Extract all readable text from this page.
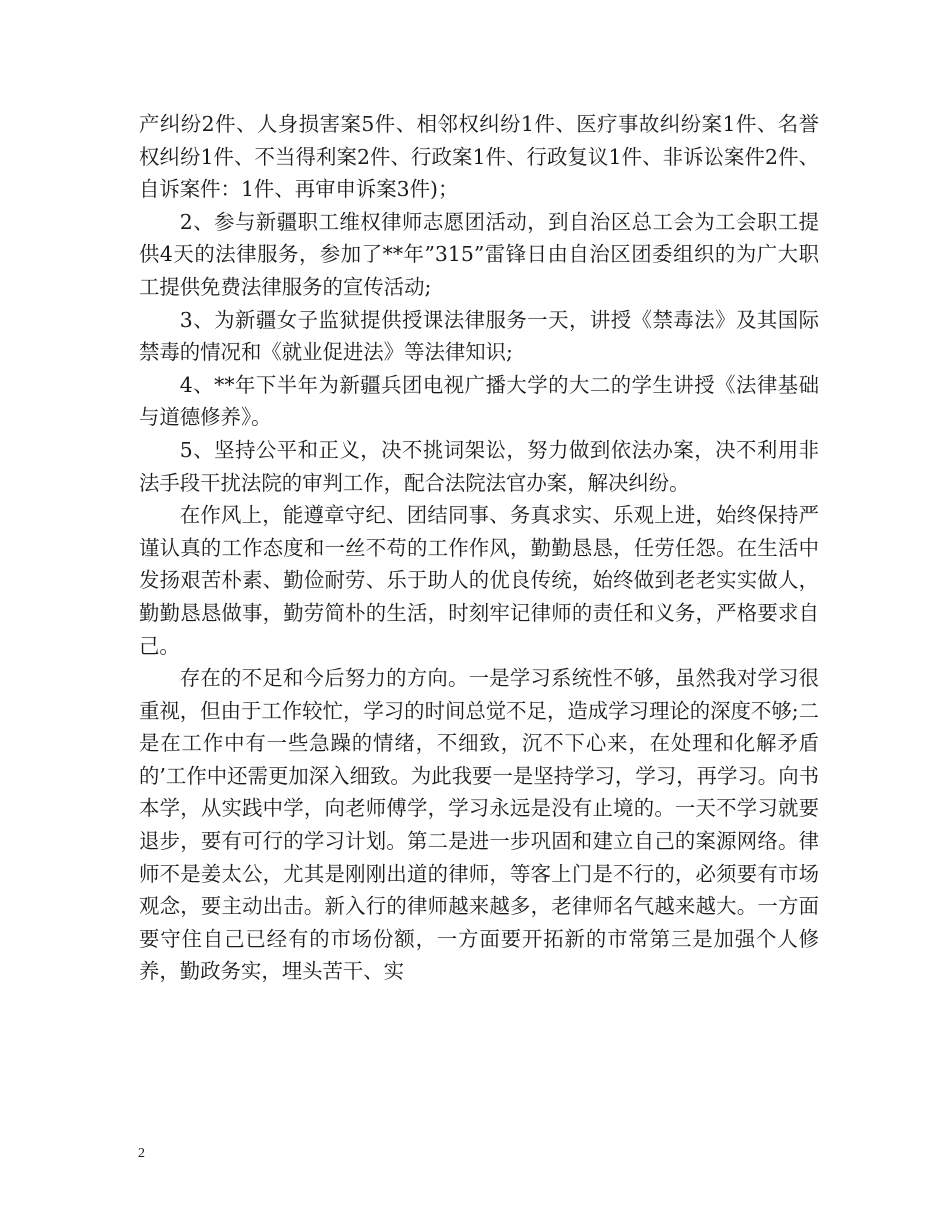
产纠纷2件、人身损害案5件、相邻权纠纷1件、医疗事故纠纷案1件、名誉权纠纷1件、不当得利案2件、行政案1件、行政复议1件、非诉讼案件2件、自诉案件：1件、再审申诉案3件)；

2、参与新疆职工维权律师志愿团活动，到自治区总工会为工会职工提供4天的法律服务，参加了**年”315”雷锋日由自治区团委组织的为广大职工提供免费法律服务的宣传活动;

3、为新疆女子监狱提供授课法律服务一天，讲授《禁毒法》及其国际禁毒的情况和《就业促进法》等法律知识;

4、**年下半年为新疆兵团电视广播大学的大二的学生讲授《法律基础与道德修养》。

5、坚持公平和正义，决不挑词架讼，努力做到依法办案，决不利用非法手段干扰法院的审判工作，配合法院法官办案，解决纠纷。

在作风上，能遵章守纪、团结同事、务真求实、乐观上进，始终保持严谨认真的工作态度和一丝不苟的工作作风，勤勤恳恳，任劳任怨。在生活中发扬艰苦朴素、勤俭耐劳、乐于助人的优良传统，始终做到老老实实做人，勤勤恳恳做事，勤劳简朴的生活，时刻牢记律师的责任和义务，严格要求自己。

存在的不足和今后努力的方向。一是学习系统性不够，虽然我对学习很重视，但由于工作较忙，学习的时间总觉不足，造成学习理论的深度不够;二是在工作中有一些急躁的情绪，不细致，沉不下心来，在处理和化解矛盾的’工作中还需更加深入细致。为此我要一是坚持学习，学习，再学习。向书本学，从实践中学，向老师傅学，学习永远是没有止境的。一天不学习就要退步，要有可行的学习计划。第二是进一步巩固和建立自己的案源网络。律师不是姜太公，尤其是刚刚出道的律师，等客上门是不行的，必须要有市场观念，要主动出击。新入行的律师越来越多，老律师名气越来越大。一方面要守住自己已经有的市场份额，一方面要开拓新的市常第三是加强个人修养，勤政务实，埋头苦干、实

2
